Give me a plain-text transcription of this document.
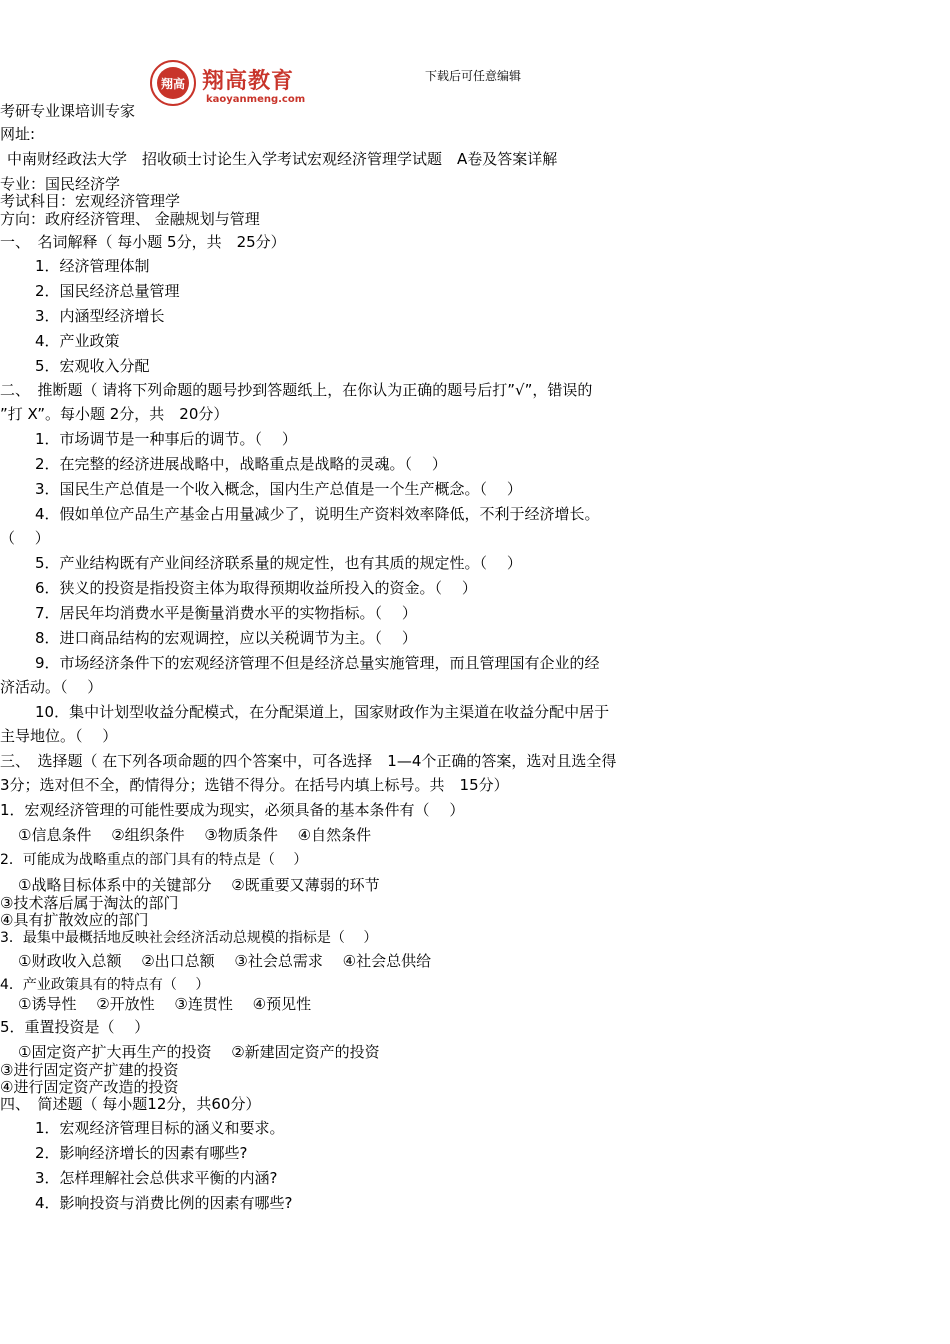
翔高 翔高教育
kaoyanmeng.com
下载后可任意编辑
考研专业课培训专家
网址:
中南财经政法大学　招收硕士讨论生入学考试宏观经济管理学试题　A卷及答案详解
专业：国民经济学
考试科目：宏观经济管理学
方向：政府经济管理、 金融规划与管理
一、　名词解释（ 每小题 5分，共　25分）
1．经济管理体制
2．国民经济总量管理
3．内涵型经济增长
4．产业政策
5．宏观收入分配
二、　推断题（ 请将下列命题的题号抄到答题纸上，在你认为正确的题号后打”√”，错误的
”打 X”。每小题 2分，共　20分）
1．市场调节是一种事后的调节。（　 ）
2．在完整的经济进展战略中，战略重点是战略的灵魂。（　 ）
3．国民生产总值是一个收入概念，国内生产总值是一个生产概念。（　 ）
4．假如单位产品生产基金占用量减少了，说明生产资料效率降低，不利于经济增长。
（　 ）
5．产业结构既有产业间经济联系量的规定性，也有其质的规定性。（　 ）
6．狭义的投资是指投资主体为取得预期收益所投入的资金。（　 ）
7．居民年均消费水平是衡量消费水平的实物指标。（　 ）
8．进口商品结构的宏观调控，应以关税调节为主。（　 ）
9．市场经济条件下的宏观经济管理不但是经济总量实施管理，而且管理国有企业的经
济活动。（　 ）
10．集中计划型收益分配模式，在分配渠道上，国家财政作为主渠道在收益分配中居于
主导地位。（　 ）
三、　选择题（ 在下列各项命题的四个答案中，可各选择　1—4个正确的答案，选对且选全得
3分；选对但不全，酌情得分；选错不得分。在括号内填上标号。共　15分）
1．宏观经济管理的可能性要成为现实，必须具备的基本条件有（　 ）
①信息条件　 ②组织条件　 ③物质条件　 ④自然条件
2．可能成为战略重点的部门具有的特点是（　 ）
①战略目标体系中的关键部分　 ②既重要又薄弱的环节
③技术落后属于淘汰的部门
④具有扩散效应的部门
3．最集中最概括地反映社会经济活动总规模的指标是（　 ）
①财政收入总额　 ②出口总额　 ③社会总需求　 ④社会总供给
4．产业政策具有的特点有（　 ）
①诱导性　 ②开放性　 ③连贯性　 ④预见性
5．重置投资是（　 ）
①固定资产扩大再生产的投资　 ②新建固定资产的投资
③进行固定资产扩建的投资
④进行固定资产改造的投资
四、　简述题（ 每小题12分，共60分）
1．宏观经济管理目标的涵义和要求。
2．影响经济增长的因素有哪些?
3．怎样理解社会总供求平衡的内涵?
4．影响投资与消费比例的因素有哪些?
